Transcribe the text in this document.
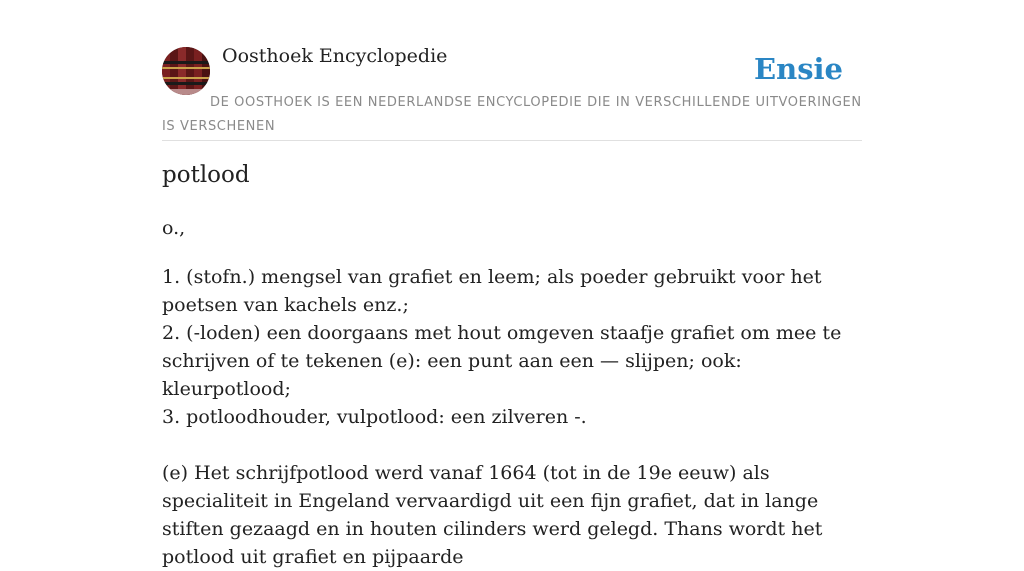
Oosthoek Encyclopedie	Ensie
DE OOSTHOEK IS EEN NEDERLANDSE ENCYCLOPEDIE DIE IN VERSCHILLENDE UITVOERINGEN IS VERSCHENEN
potlood
o.,

1. (stofn.) mengsel van grafiet en leem; als poeder gebruikt voor het poetsen van kachels enz.;

2. (-loden) een doorgaans met hout omgeven staafje grafiet om mee te schrijven of te tekenen (e): een punt aan een — slijpen; ook: kleurpotlood;

3. potloodhouder, vulpotlood: een zilveren -.

(e) Het schrijfpotlood werd vanaf 1664 (tot in de 19e eeuw) als specialiteit in Engeland vervaardigd uit een fijn grafiet, dat in lange stiften gezaagd en in houten cilinders werd gelegd. Thans wordt het potlood uit grafiet en pijpaarde
